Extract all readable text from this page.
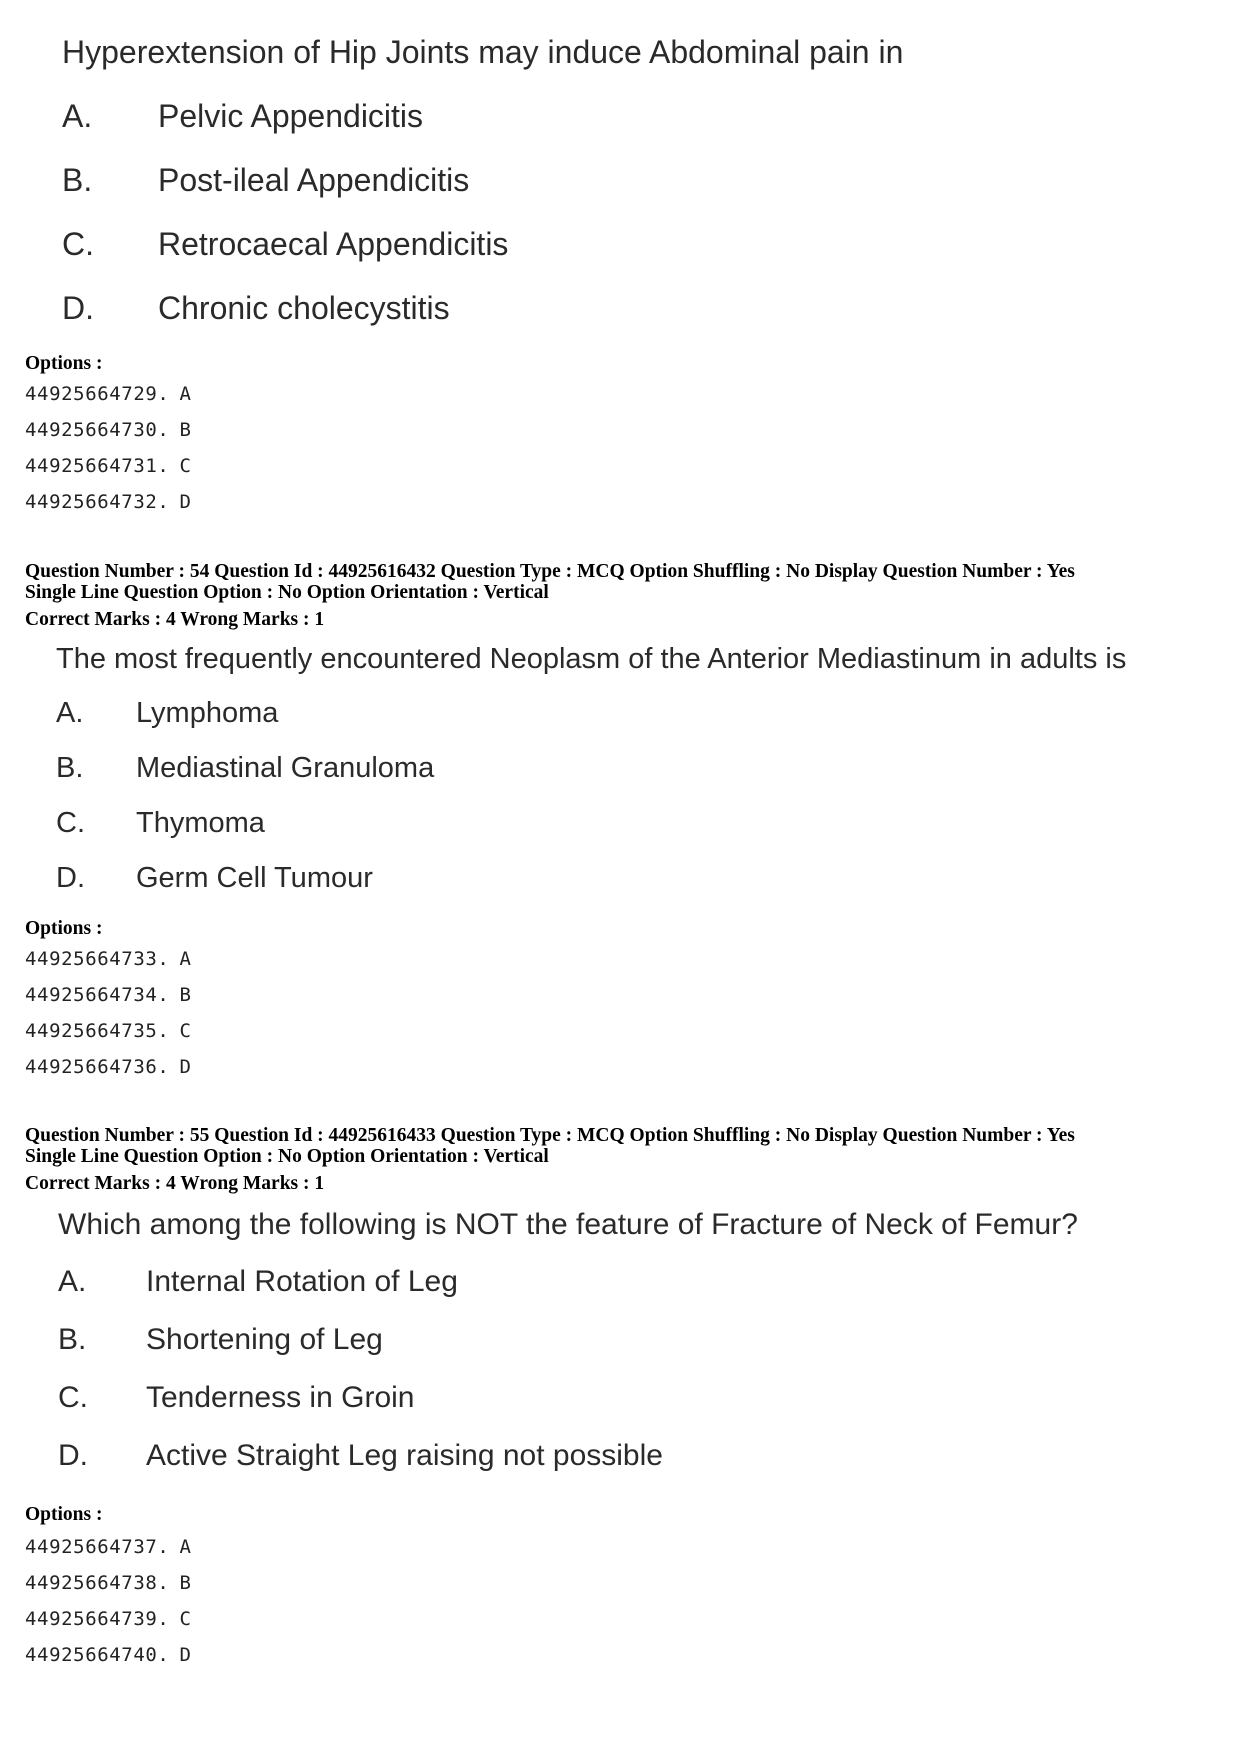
Hyperextension of Hip Joints may induce Abdominal pain in
A. Pelvic Appendicitis
B. Post-ileal Appendicitis
C. Retrocaecal Appendicitis
D. Chronic cholecystitis
Options :
44925664729. A
44925664730. B
44925664731. C
44925664732. D
Question Number : 54 Question Id : 44925616432 Question Type : MCQ Option Shuffling : No Display Question Number : Yes
Single Line Question Option : No Option Orientation : Vertical
Correct Marks : 4 Wrong Marks : 1
The most frequently encountered Neoplasm of the Anterior Mediastinum in adults is
A. Lymphoma
B. Mediastinal Granuloma
C. Thymoma
D. Germ Cell Tumour
Options :
44925664733. A
44925664734. B
44925664735. C
44925664736. D
Question Number : 55 Question Id : 44925616433 Question Type : MCQ Option Shuffling : No Display Question Number : Yes
Single Line Question Option : No Option Orientation : Vertical
Correct Marks : 4 Wrong Marks : 1
Which among the following is NOT the feature of Fracture of Neck of Femur?
A. Internal Rotation of Leg
B. Shortening of Leg
C. Tenderness in Groin
D. Active Straight Leg raising not possible
Options :
44925664737. A
44925664738. B
44925664739. C
44925664740. D
